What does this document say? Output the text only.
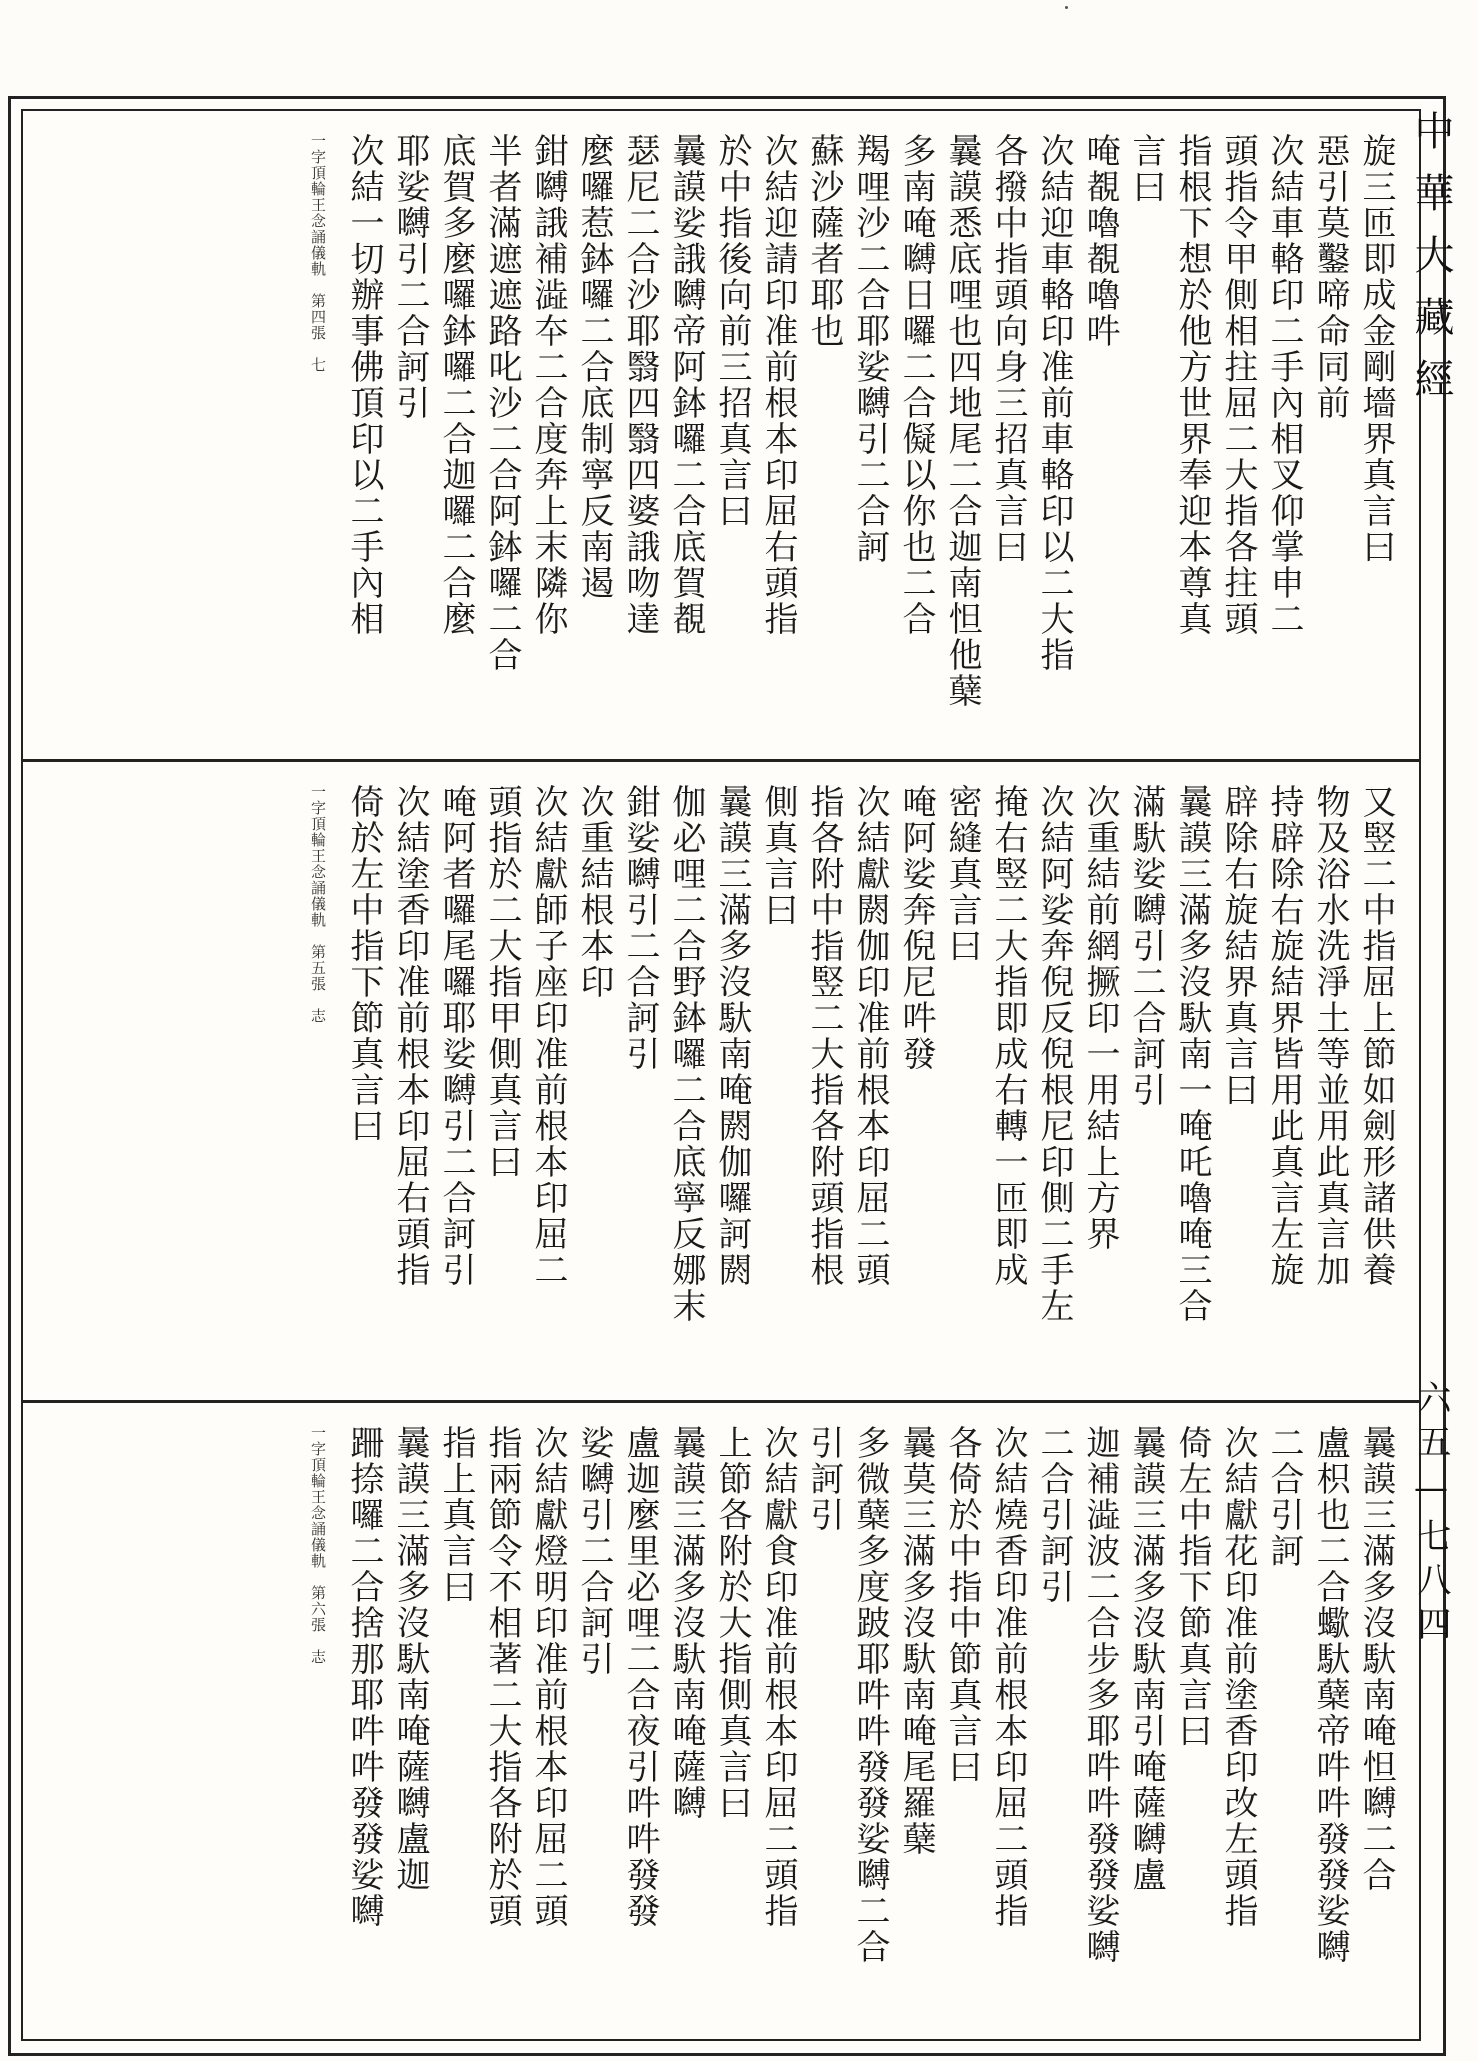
旋三匝即成金剛墻界真言曰
惡引莫鑿啼命同前
次結車輅印二手內相叉仰掌申二
頭指令甲側相拄屈二大指各拄頭
指根下想於他方世界奉迎本尊真
言曰
唵覩嚕覩嚕吽
次結迎車輅印准前車輅印以二大指
各撥中指頭向身三招真言曰
曩謨悉底哩也四地尾二合迦南怛他蘖
多南唵嚩日囉二合儗以你也二合
羯哩沙二合耶娑嚩引二合訶
蘇沙薩者耶也
次結迎請印准前根本印屈右頭指
於中指後向前三招真言曰
曩謨娑誐嚩帝阿鉢囉二合底賀覩
瑟尼二合沙耶翳四翳四婆誐吻達
麼囉惹鉢囉二合底制寧反南遏
鉗嚩誐補澁夲二合度奔上末隣你
半者滿遮遮路叱沙二合阿鉢囉二合
底賀多麼囉鉢囉二合迦囉二合麼
耶娑嚩引二合訶引
次結一切辦事佛頂印以二手內相
一字頂輪王念誦儀軌　第四張　七
又竪二中指屈上節如劍形諸供養
物及浴水洗淨土等並用此真言加
持辟除右旋結界皆用此真言左旋
辟除右旋結界真言曰
曩謨三滿多沒馱南一唵吒嚕唵三合
滿馱娑嚩引二合訶引
次重結前網撅印一用結上方界
次結阿娑奔倪反倪根尼印側二手左
掩右竪二大指即成右轉一匝即成
密縫真言曰
唵阿娑奔倪尼吽發
次結獻閼伽印准前根本印屈二頭
指各附中指竪二大指各附頭指根
側真言曰
曩謨三滿多沒馱南唵閼伽囉訶閼
伽必哩二合野鉢囉二合底寧反娜末
鉗娑嚩引二合訶引
次重結根本印
次結獻師子座印准前根本印屈二
頭指於二大指甲側真言曰
唵阿者囉尾囉耶娑嚩引二合訶引
次結塗香印准前根本印屈右頭指
倚於左中指下節真言曰
一字頂輪王念誦儀軌　第五張　志
曩謨三滿多沒馱南唵怛嚩二合
盧枳也二合蠍馱蘖帝吽吽發發娑嚩
二合引訶
次結獻花印准前塗香印改左頭指
倚左中指下節真言曰
曩謨三滿多沒馱南引唵薩嚩盧
迦補澁波二合步多耶吽吽發發娑嚩
二合引訶引
次結燒香印准前根本印屈二頭指
各倚於中指中節真言曰
曩莫三滿多沒馱南唵尾羅蘖
多微蘖多度跛耶吽吽發發娑嚩二合
引訶引
次結獻食印准前根本印屈二頭指
上節各附於大指側真言曰
曩謨三滿多沒馱南唵薩嚩
盧迦麼里必哩二合夜引吽吽發發
娑嚩引二合訶引
次結獻燈明印准前根本印屈二頭
指兩節令不相著二大指各附於頭
指上真言曰
曩謨三滿多沒馱南唵薩嚩盧迦
跚捺囉二合捨那耶吽吽發發娑嚩
一字頂輪王念誦儀軌　第六張　志
中華大藏經
六五—七八四
